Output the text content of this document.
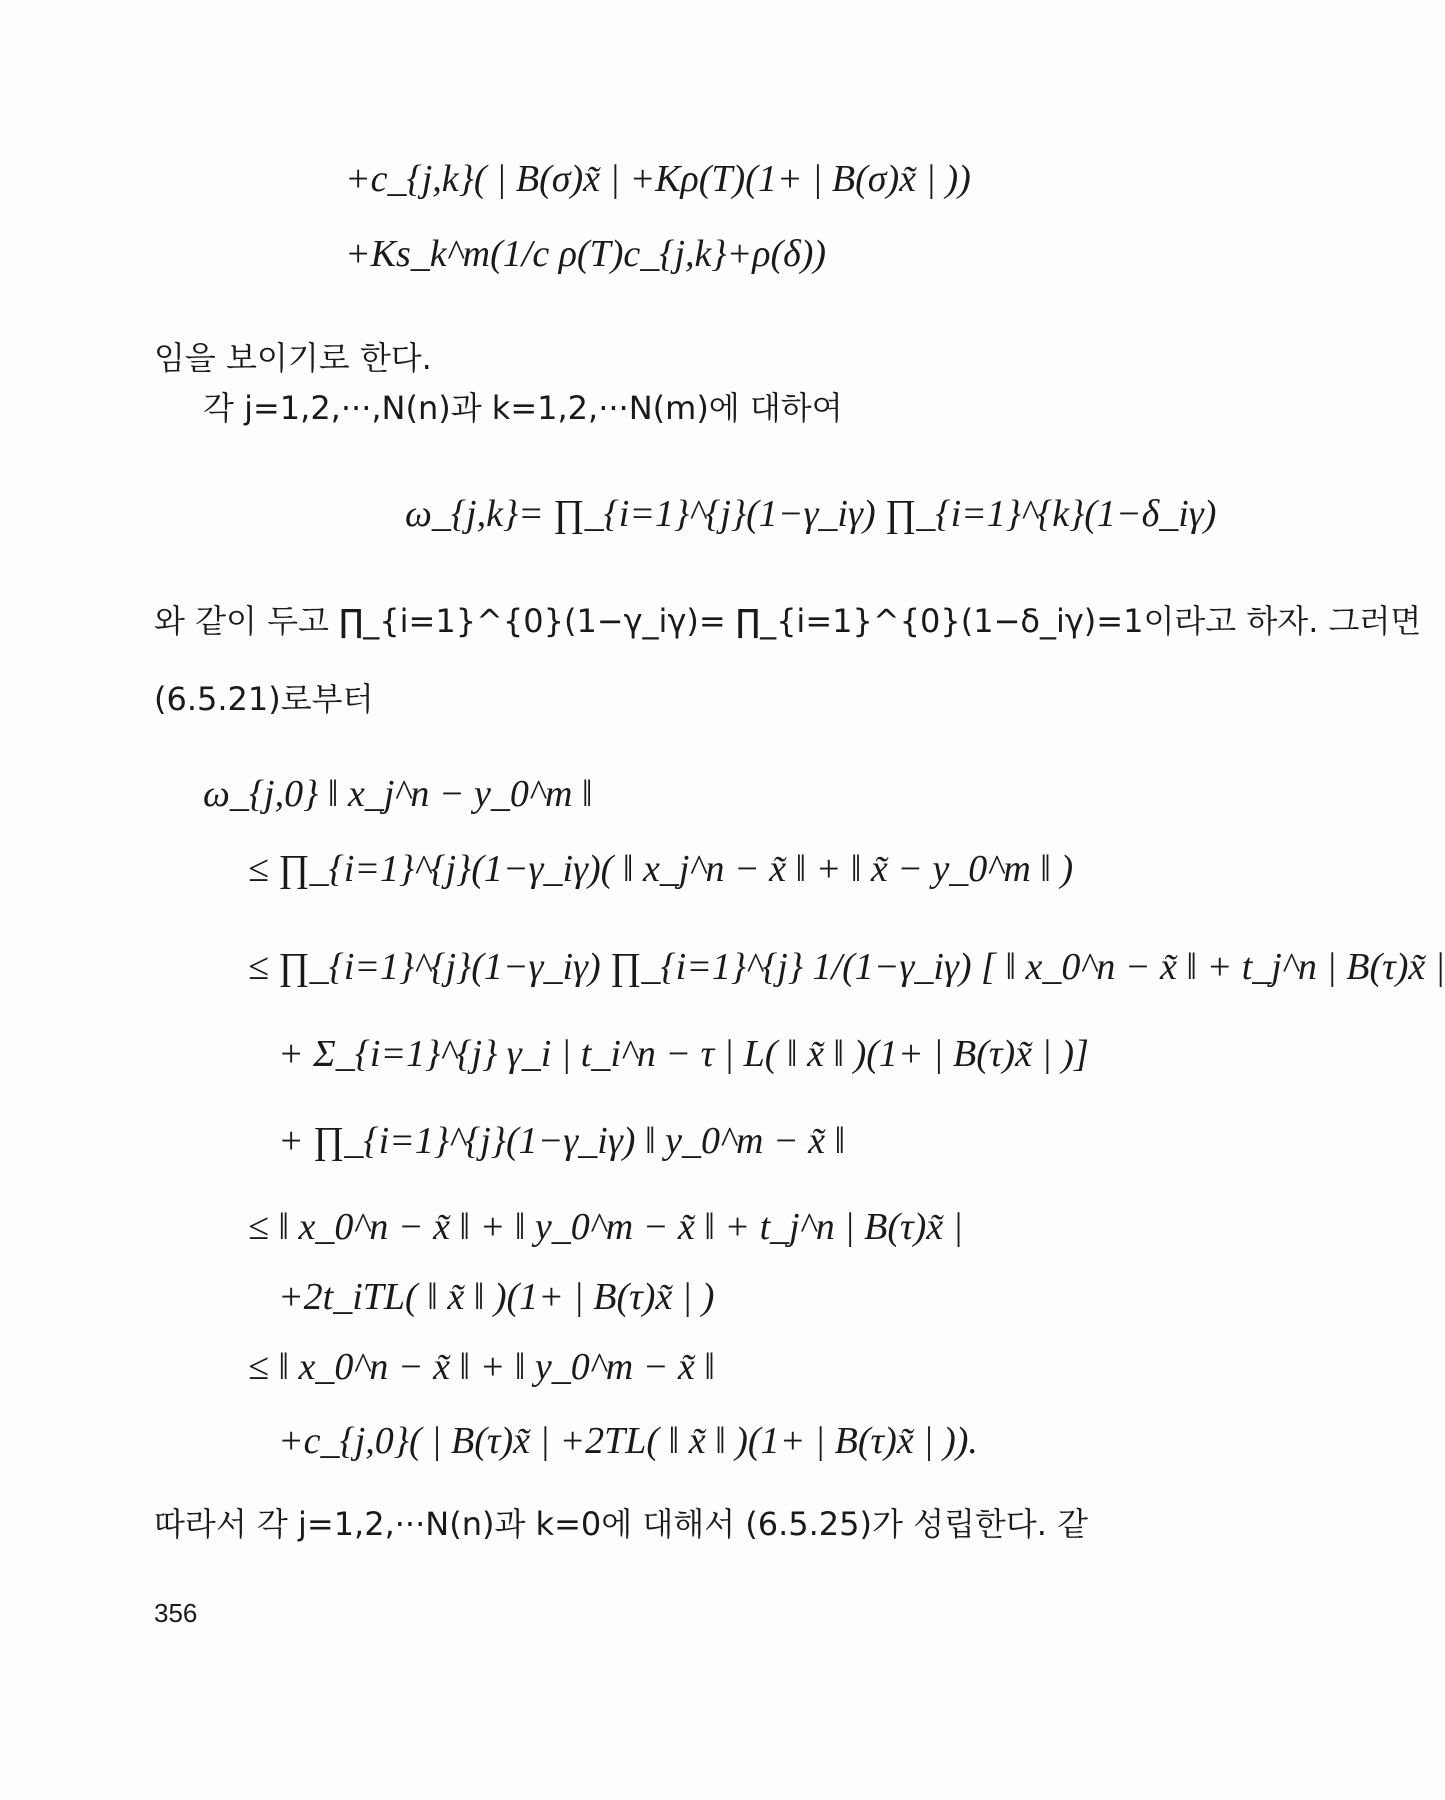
+c_{j,k}( | B(σ)x̃ | +Kρ(T)(1+ | B(σ)x̃ | ))
+Ks_k^m(1/c ρ(T)c_{j,k}+ρ(δ))
임을 보이기로 한다.
각 j=1,2,···,N(n)과 k=1,2,···N(m)에 대하여
ω_{j,k}= ∏_{i=1}^{j}(1−γ_iγ) ∏_{i=1}^{k}(1−δ_iγ)
와 같이 두고 ∏_{i=1}^{0}(1−γ_iγ)= ∏_{i=1}^{0}(1−δ_iγ)=1이라고 하자. 그러면
(6.5.21)로부터
ω_{j,0} ‖ x_j^n − y_0^m ‖
≤ ∏_{i=1}^{j}(1−γ_iγ)( ‖ x_j^n − x̃ ‖ + ‖ x̃ − y_0^m ‖ )
≤ ∏_{i=1}^{j}(1−γ_iγ) ∏_{i=1}^{j} 1/(1−γ_iγ) [ ‖ x_0^n − x̃ ‖ + t_j^n | B(τ)x̃ |
+ Σ_{i=1}^{j} γ_i | t_i^n − τ | L( ‖ x̃ ‖ )(1+ | B(τ)x̃ | )]
+ ∏_{i=1}^{j}(1−γ_iγ) ‖ y_0^m − x̃ ‖
≤ ‖ x_0^n − x̃ ‖ + ‖ y_0^m − x̃ ‖ + t_j^n | B(τ)x̃ |
+2t_iTL( ‖ x̃ ‖ )(1+ | B(τ)x̃ | )
≤ ‖ x_0^n − x̃ ‖ + ‖ y_0^m − x̃ ‖
+c_{j,0}( | B(τ)x̃ | +2TL( ‖ x̃ ‖ )(1+ | B(τ)x̃ | )).
따라서 각 j=1,2,···N(n)과 k=0에 대해서 (6.5.25)가 성립한다. 같
356
